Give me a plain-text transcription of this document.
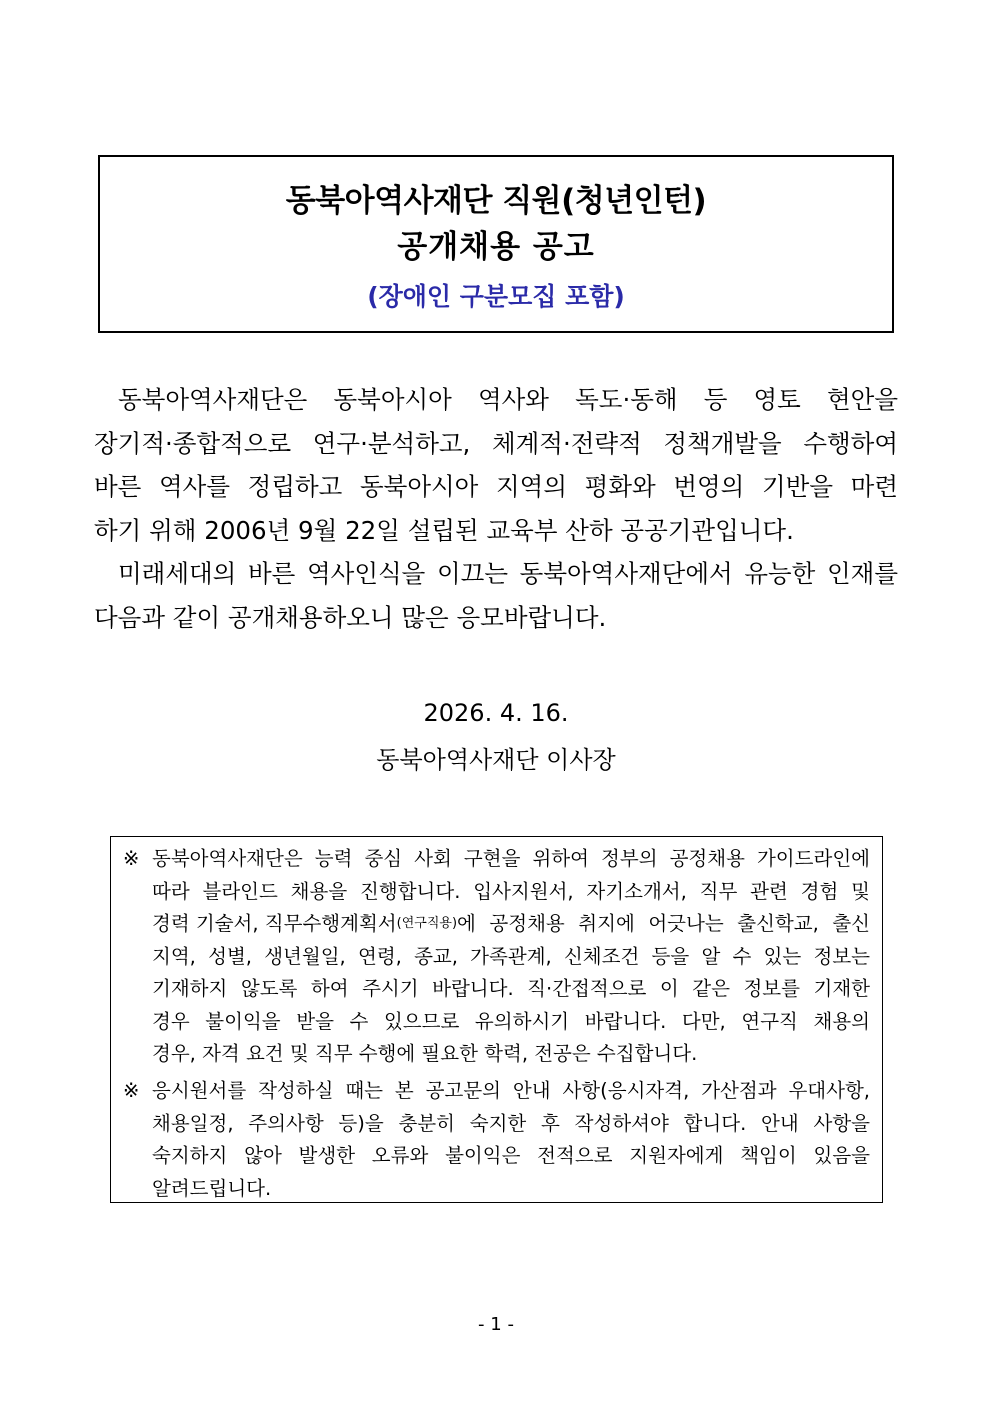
동북아역사재단 직원(청년인턴)
공개채용 공고
(장애인 구분모집 포함)
동북아역사재단은 동북아시아 역사와 독도·동해 등 영토 현안을
장기적·종합적으로 연구·분석하고, 체계적·전략적 정책개발을 수행하여
바른 역사를 정립하고 동북아시아 지역의 평화와 번영의 기반을 마련
하기 위해 2006년 9월 22일 설립된 교육부 산하 공공기관입니다.
미래세대의 바른 역사인식을 이끄는 동북아역사재단에서 유능한 인재를
다음과 같이 공개채용하오니 많은 응모바랍니다.
2026. 4. 16.
동북아역사재단 이사장
※ 동북아역사재단은 능력 중심 사회 구현을 위하여 정부의 공정채용 가이드라인에
따라 블라인드 채용을 진행합니다. 입사지원서, 자기소개서, 직무 관련 경험 및
경력 기술서, 직무수행계획서 (연구직용) 에 공정채용 취지에 어긋나는 출신학교, 출신
지역, 성별, 생년월일, 연령, 종교, 가족관계, 신체조건 등을 알 수 있는 정보는
기재하지 않도록 하여 주시기 바랍니다. 직·간접적으로 이 같은 정보를 기재한
경우 불이익을 받을 수 있으므로 유의하시기 바랍니다. 다만, 연구직 채용의
경우, 자격 요건 및 직무 수행에 필요한 학력, 전공은 수집합니다.
※ 응시원서를 작성하실 때는 본 공고문의 안내 사항(응시자격, 가산점과 우대사항,
채용일정, 주의사항 등)을 충분히 숙지한 후 작성하셔야 합니다. 안내 사항을
숙지하지 않아 발생한 오류와 불이익은 전적으로 지원자에게 책임이 있음을
알려드립니다.
- 1 -
